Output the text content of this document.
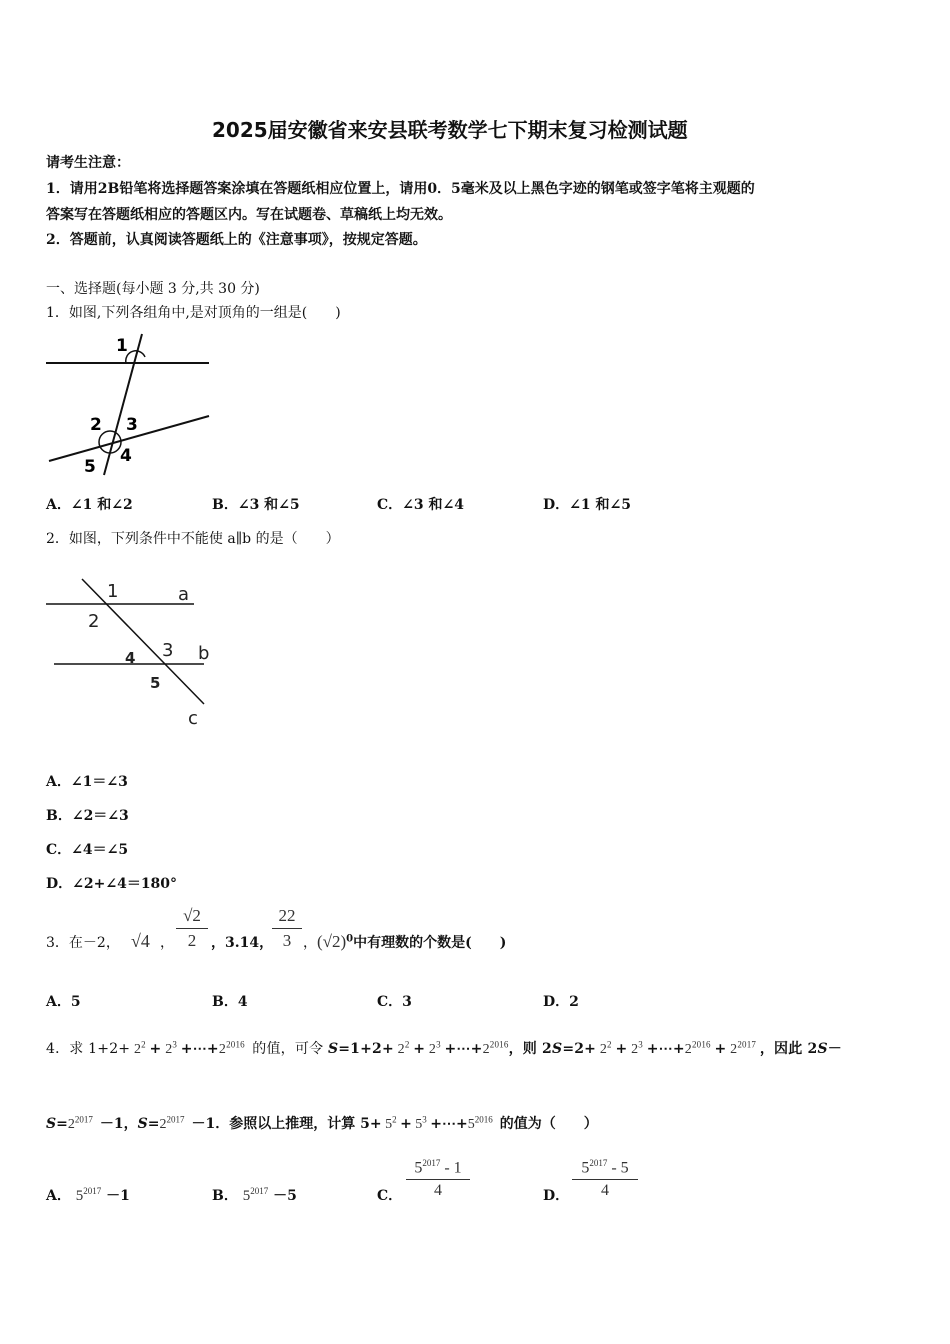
2025届安徽省来安县联考数学七下期末复习检测试题
请考生注意：
1．请用2B铅笔将选择题答案涂填在答题纸相应位置上，请用0．5毫米及以上黑色字迹的钢笔或签字笔将主观题的
答案写在答题纸相应的答题区内。写在试题卷、草稿纸上均无效。
2．答题前，认真阅读答题纸上的《注意事项》，按规定答题。
一、选择题(每小题 3 分,共 30 分)
1．如图,下列各组角中,是对顶角的一组是(　　)
1
2 3
5
4
A．∠1 和∠2	B．∠3 和∠5	C．∠3 和∠4	D．∠1 和∠5
2．如图，下列条件中不能使 a∥b 的是（　　）
1	a
2
3 b
4
5
c
A．∠1＝∠3
B．∠2＝∠3
C．∠4＝∠5
D．∠2+∠4＝180°
3．在－2， √4 ， $\frac{√2}{2}$ ，3.14，
$\frac{22}{3}$ ， $(√2)^0$中有理数的个数是(　　)
A．5	B．4	C．3	D．2
4．求 $1+2+ 2^2 + 2^3$ $+\cdots+2^{2016}$ 的值，可令 $S=1+2+ 2^2 + 2^3$ $+\cdots+2^{2016}$，则 $2S=2+ 2^2 + 2^3$ $+\cdots+2^{2016} + 2^{2017}$ ，因此 2S－
$S=2^{2017} -1$，$S=2^{2017} -1$．参照以上推理，计算 $5+ 5^2 + 5^3$ $+\cdots+5^{2016}$ 的值为（　　）
A． $5^{2017} -1$	B． $5^{2017} -5$	C． $\frac{5^{2017} - 1}{4}$	D． $\frac{5^{2017} - 5}{4}$
